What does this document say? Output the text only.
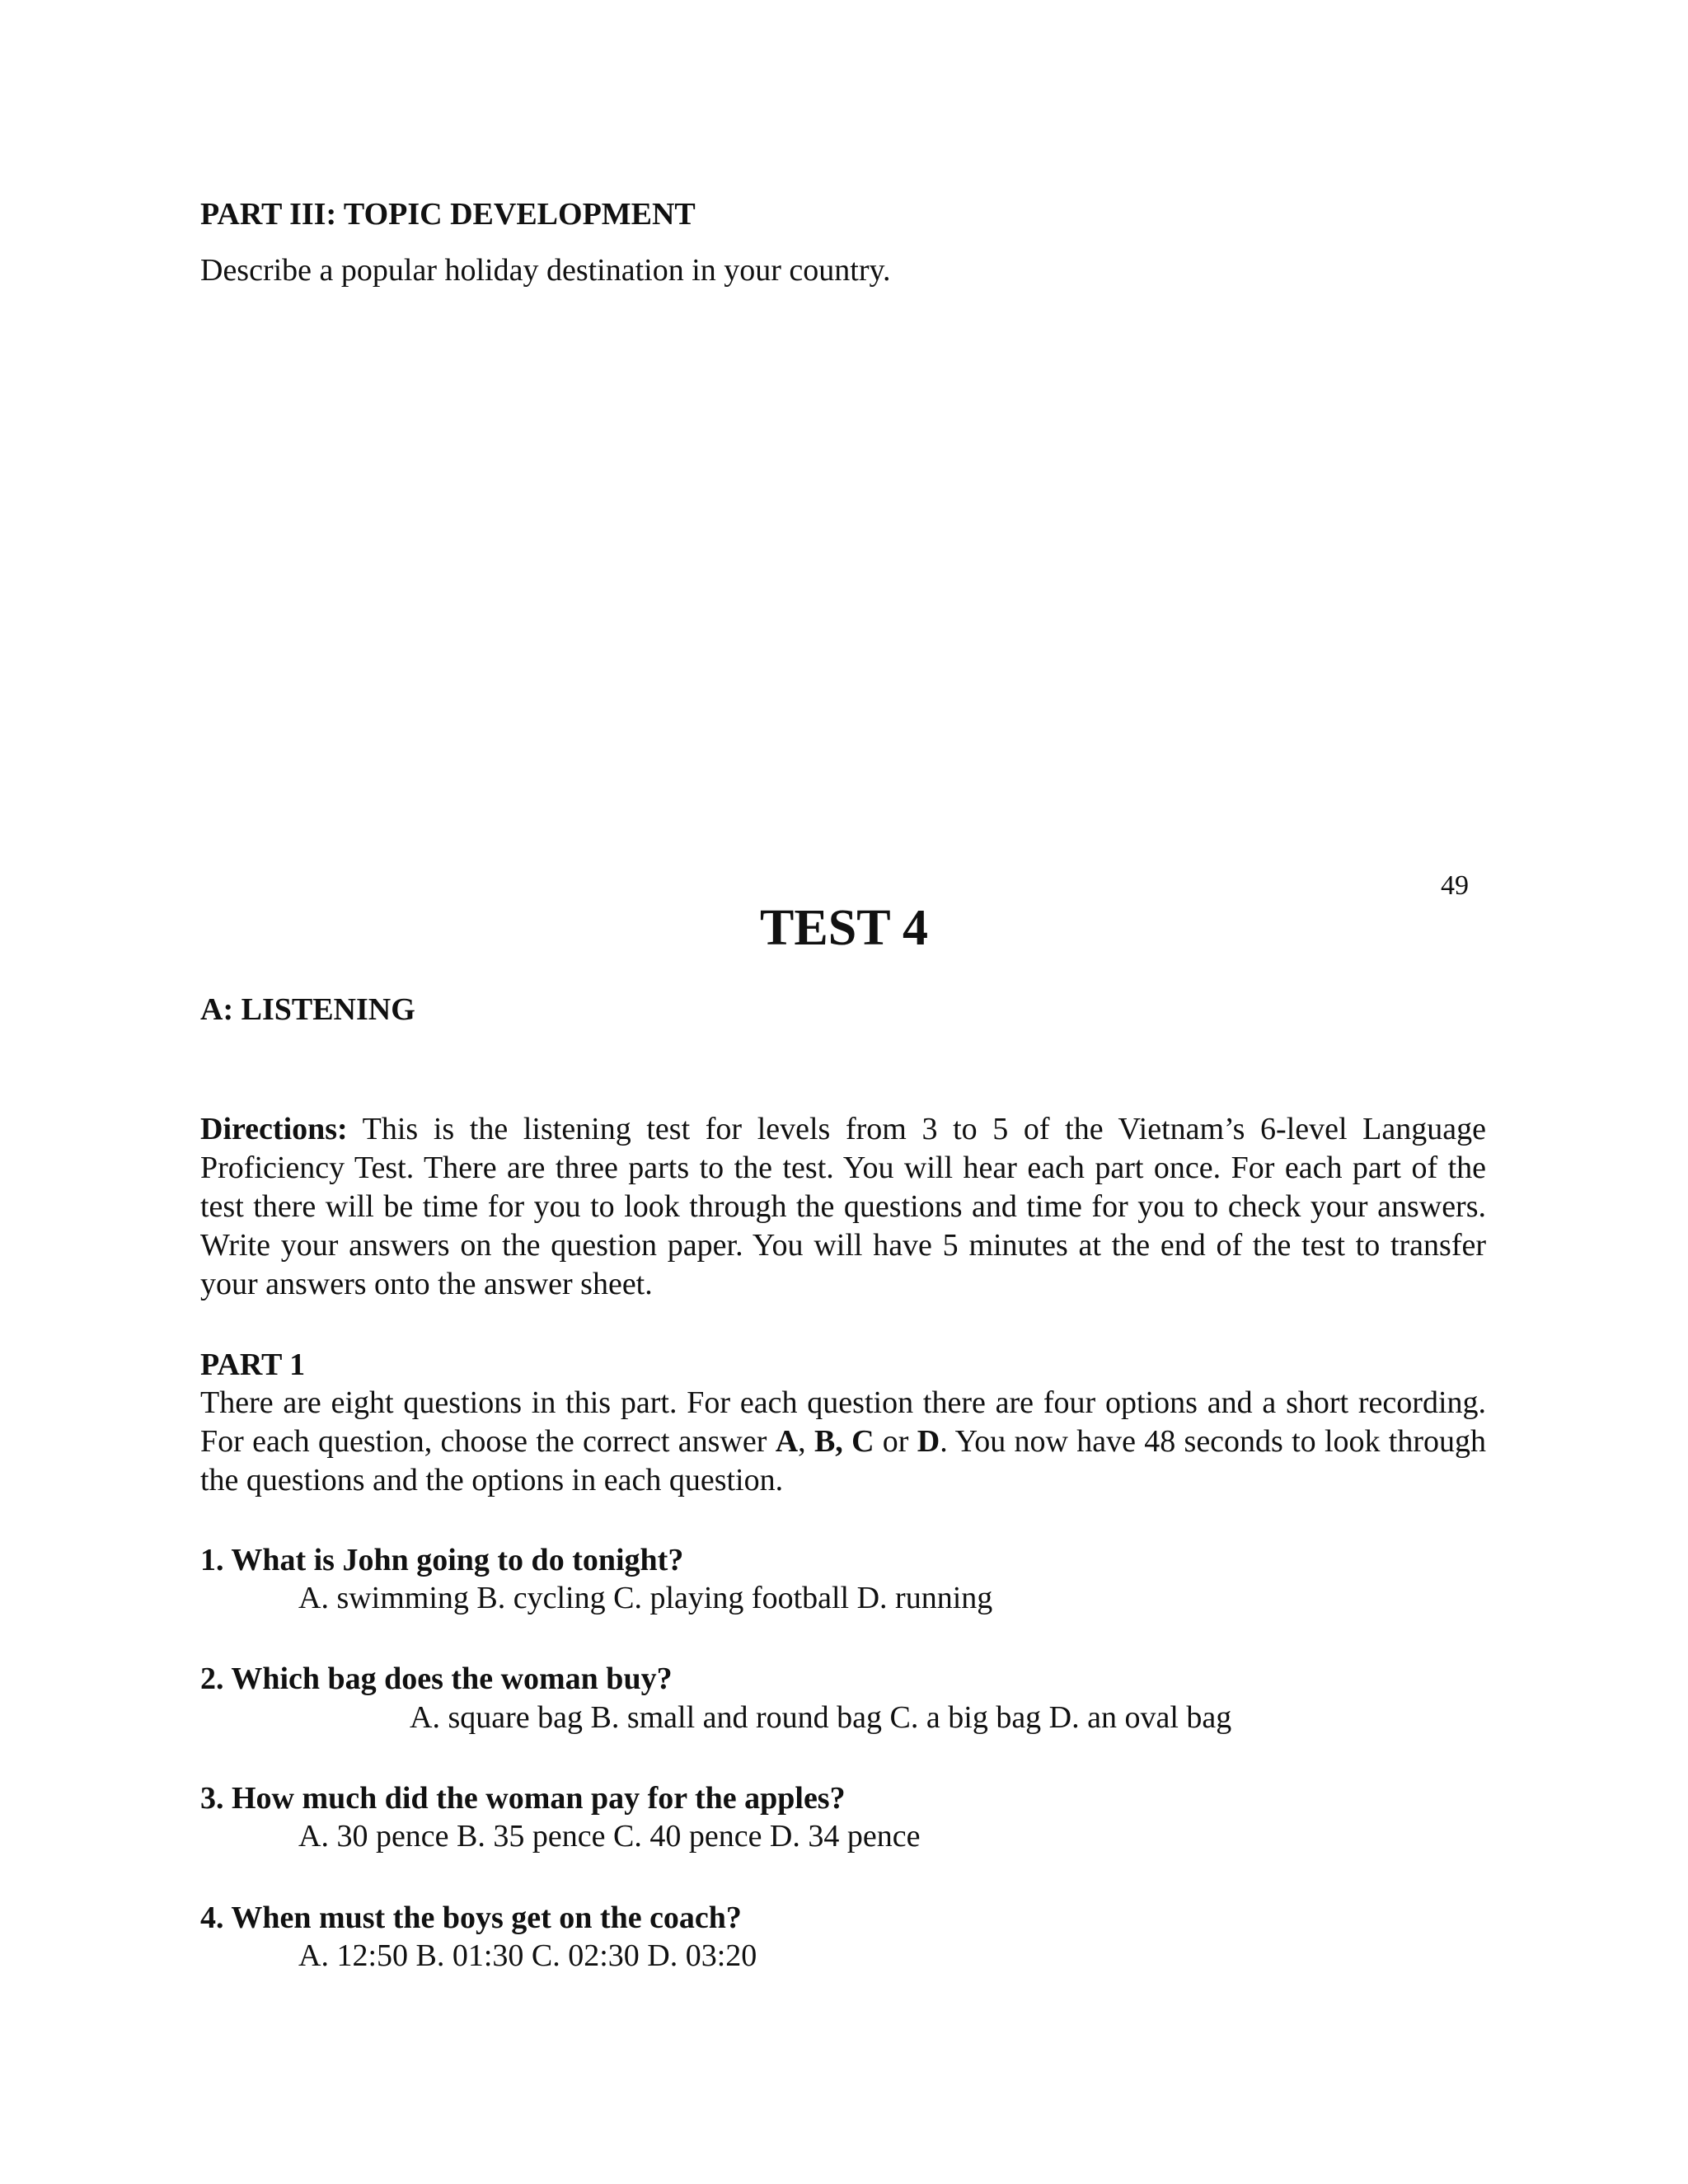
PART III: TOPIC DEVELOPMENT
Describe a popular holiday destination in your country.
49
TEST 4
A: LISTENING

Directions: This is the listening test for levels from 3 to 5 of the Vietnam’s 6-level Language Proficiency Test. There are three parts to the test. You will hear each part once. For each part of the test there will be time for you to look through the questions and time for you to check your answers. Write your answers on the question paper. You will have 5 minutes at the end of the test to transfer your answers onto the answer sheet.

PART 1

There are eight questions in this part. For each question there are four options and a short recording. For each question, choose the correct answer A, B, C or D. You now have 48 seconds to look through the questions and the options in each question.

1. What is John going to do tonight?
A. swimming B. cycling C. playing football D. running
2. Which bag does the woman buy?
A. square bag B. small and round bag C. a big bag D. an oval bag
3. How much did the woman pay for the apples?
A. 30 pence B. 35 pence C. 40 pence D. 34 pence
4. When must the boys get on the coach?
A. 12:50 B. 01:30 C. 02:30 D. 03:20
